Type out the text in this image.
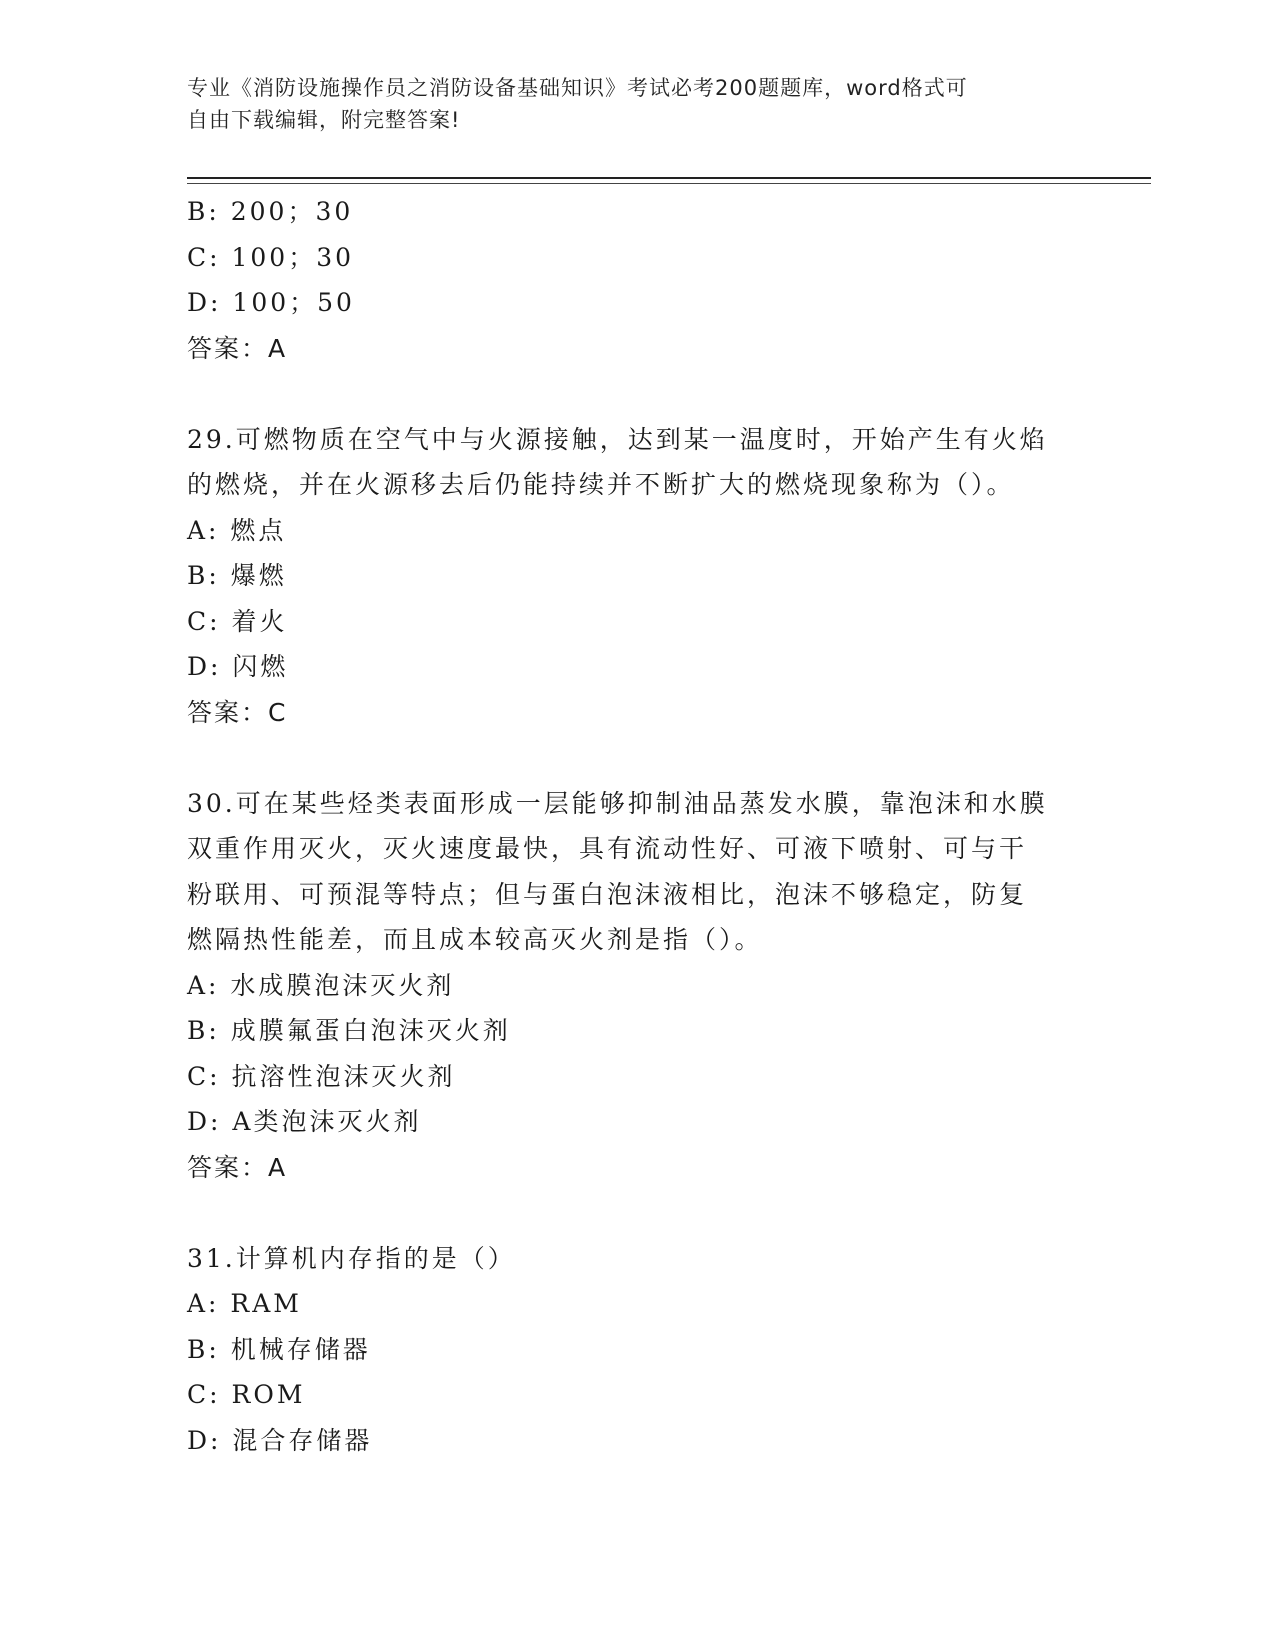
专业《消防设施操作员之消防设备基础知识》考试必考200题题库，word格式可
自由下载编辑，附完整答案!
B: 200；30
C: 100；30
D: 100；50
答案：A
29.可燃物质在空气中与火源接触，达到某一温度时，开始产生有火焰
的燃烧，并在火源移去后仍能持续并不断扩大的燃烧现象称为（）。
A: 燃点
B: 爆燃
C: 着火
D: 闪燃
答案：C
30.可在某些烃类表面形成一层能够抑制油品蒸发水膜，靠泡沫和水膜
双重作用灭火，灭火速度最快，具有流动性好、可液下喷射、可与干
粉联用、可预混等特点；但与蛋白泡沫液相比，泡沫不够稳定，防复
燃隔热性能差，而且成本较高灭火剂是指（）。
A: 水成膜泡沫灭火剂
B: 成膜氟蛋白泡沫灭火剂
C: 抗溶性泡沫灭火剂
D: A类泡沫灭火剂
答案：A
31.计算机内存指的是（）
A: RAM
B: 机械存储器
C: ROM
D: 混合存储器
